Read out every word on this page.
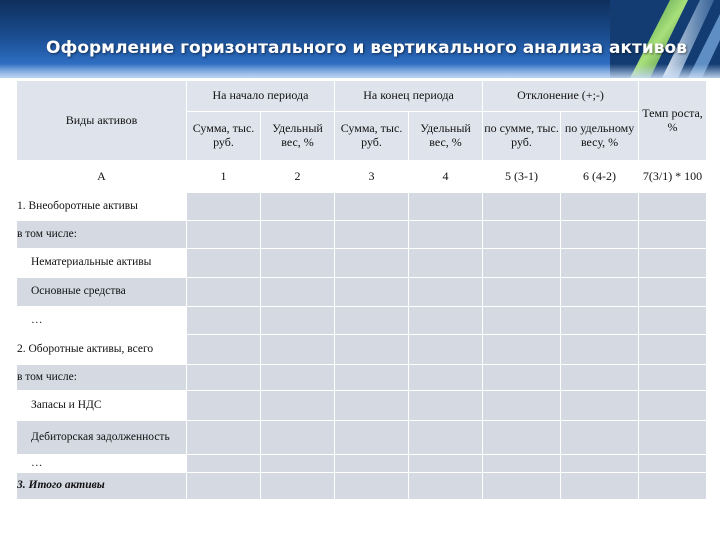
Оформление горизонтального и вертикального анализа активов
Виды активов	На начало периода		На конец периода		Отклонение (+;-)		Темп роста, %
	Сумма, тыс. руб.	Удельный вес, %	Сумма, тыс. руб.	Удельный вес, %	по сумме, тыс. руб.	по удельному весу, %	
А	1	2	3	4	5 (3-1)	6 (4-2)	7(3/1) * 100
1. Внеоборотные активы							
в том числе:							
Нематериальные активы							
Основные средства							
…							
2. Оборотные активы, всего							
в том числе:							
Запасы и НДС							
Дебиторская задолженность							
…							
3. Итого активы							
